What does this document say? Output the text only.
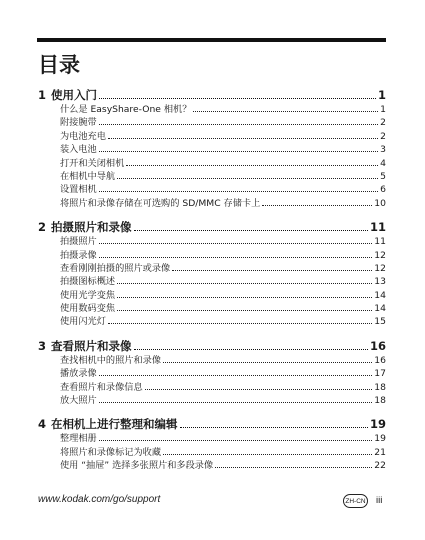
目录
1 使用入门	1
什么是 EasyShare-One 相机？	1
附接腕带	2
为电池充电	2
装入电池	3
打开和关闭相机	4
在相机中导航	5
设置相机	6
将照片和录像存储在可选购的 SD/MMC 存储卡上	10
2 拍摄照片和录像	11
拍摄照片	11
拍摄录像	12
查看刚刚拍摄的照片或录像	12
拍摄图标概述	13
使用光学变焦	14
使用数码变焦	14
使用闪光灯	15
3 查看照片和录像	16
查找相机中的照片和录像	16
播放录像	17
查看照片和录像信息	18
放大照片	18
4 在相机上进行整理和编辑	19
整理相册	19
将照片和录像标记为收藏	21
使用 “抽屉” 选择多张照片和多段录像	22
www.kodak.com/go/support	ZH-CN iii
